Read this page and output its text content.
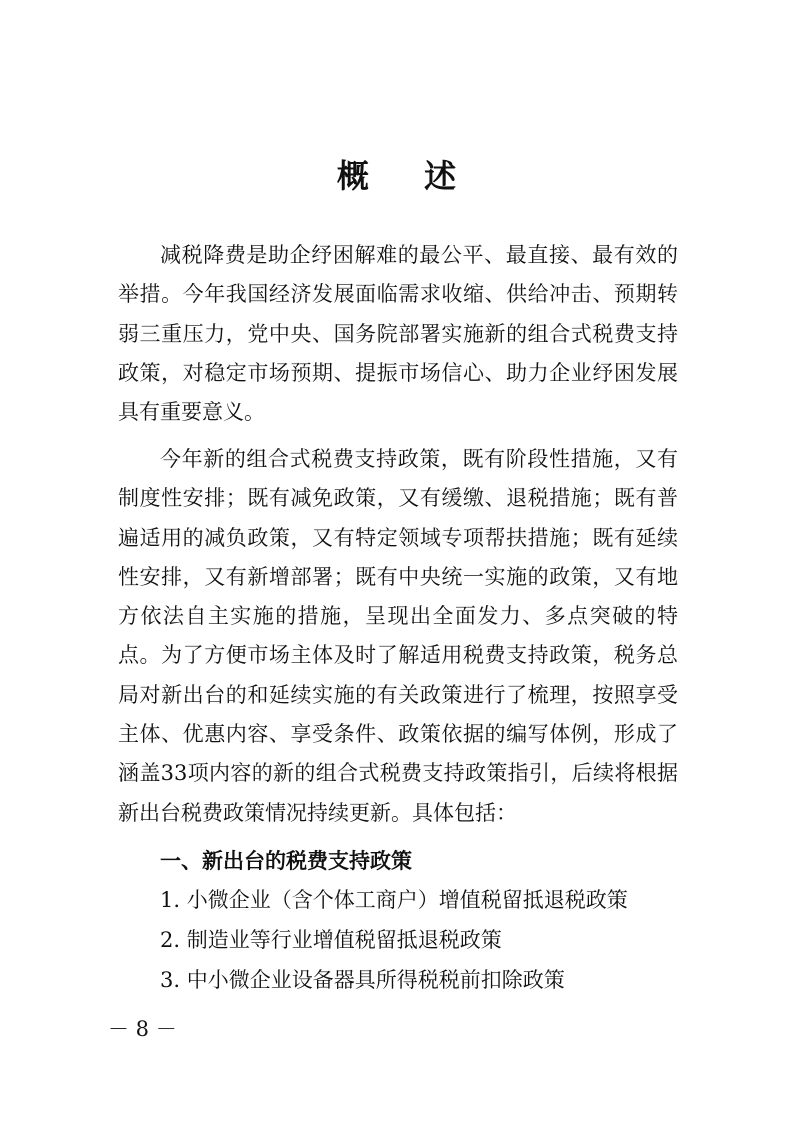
概 述

减税降费是助企纾困解难的最公平、最直接、最有效的举措。今年我国经济发展面临需求收缩、供给冲击、预期转弱三重压力，党中央、国务院部署实施新的组合式税费支持政策，对稳定市场预期、提振市场信心、助力企业纾困发展具有重要意义。

今年新的组合式税费支持政策，既有阶段性措施，又有制度性安排；既有减免政策，又有缓缴、退税措施；既有普遍适用的减负政策，又有特定领域专项帮扶措施；既有延续性安排，又有新增部署；既有中央统一实施的政策，又有地方依法自主实施的措施，呈现出全面发力、多点突破的特点。为了方便市场主体及时了解适用税费支持政策，税务总局对新出台的和延续实施的有关政策进行了梳理，按照享受主体、优惠内容、享受条件、政策依据的编写体例，形成了涵盖33项内容的新的组合式税费支持政策指引，后续将根据新出台税费政策情况持续更新。具体包括：

一、新出台的税费支持政策
1. 小微企业（含个体工商户）增值税留抵退税政策
2. 制造业等行业增值税留抵退税政策
3. 中小微企业设备器具所得税税前扣除政策
－ 8 －
